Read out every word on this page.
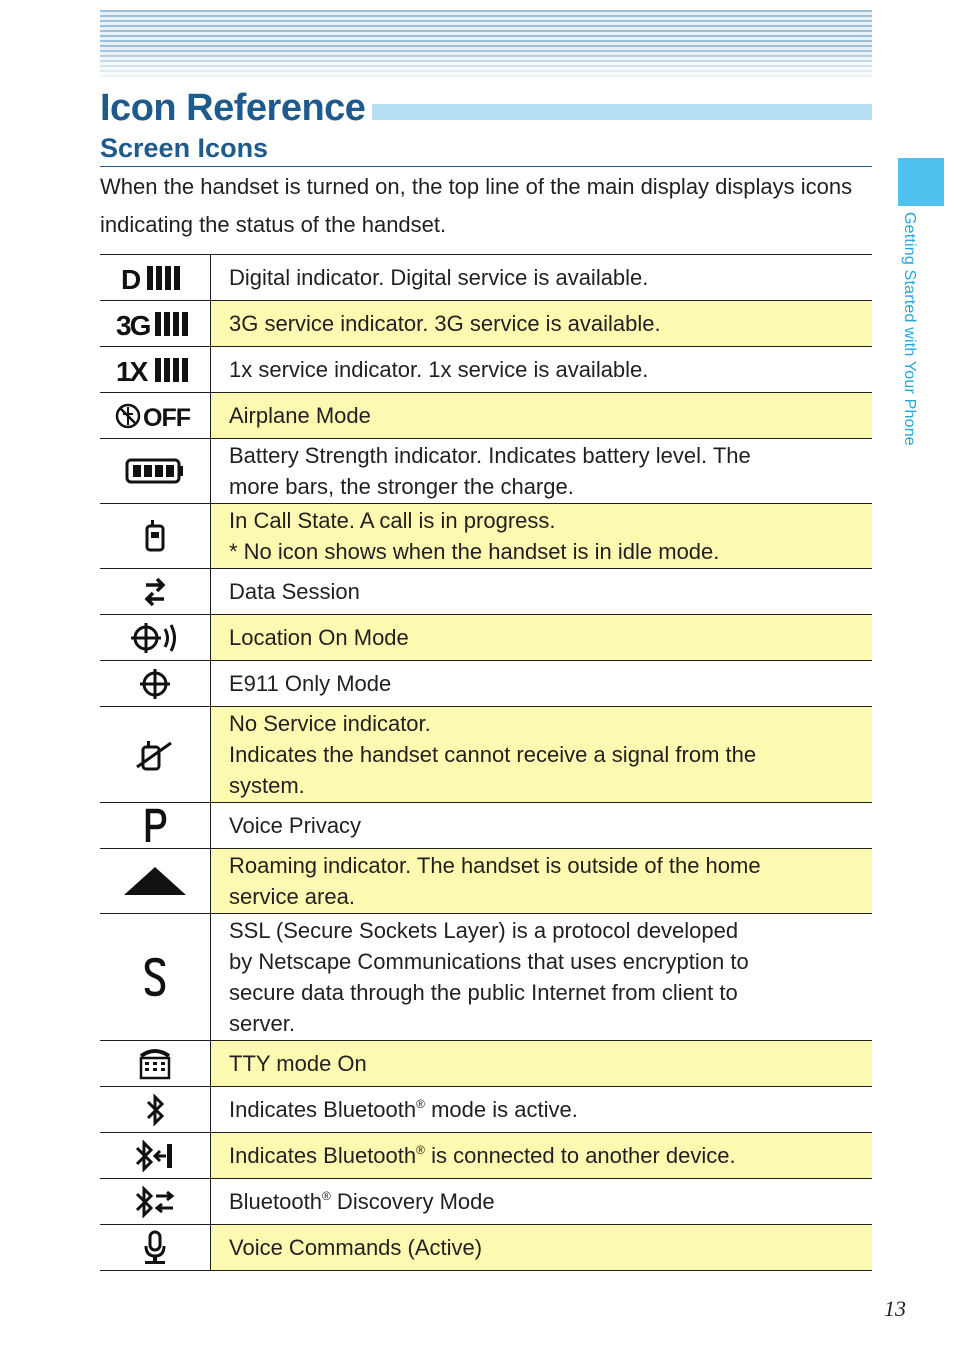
Icon Reference
Screen Icons

When the handset is turned on, the top line of the main display displays icons indicating the status of the handset.	Getting Started with Your Phone
D	Digital indicator. Digital service is available.

3G	3G service indicator. 3G service is available.

1X	1x service indicator. 1x service is available.

OFF	Airplane Mode

Battery Strength indicator. Indicates battery level. The
more bars, the stronger the charge.

In Call State. A call is in progress.
* No icon shows when the handset is in idle mode.

Data Session

Location On Mode

E911 Only Mode

No Service indicator.
Indicates the handset cannot receive a signal from the
system.

Voice Privacy

Roaming indicator. The handset is outside of the home
service area.

SSL (Secure Sockets Layer) is a protocol developed
by Netscape Communications that uses encryption to
secure data through the public Internet from client to
server.

TTY mode On

	Indicates Bluetooth® mode is active.

	Indicates Bluetooth® is connected to another device.

	Bluetooth® Discovery Mode

Voice Commands (Active)
13
